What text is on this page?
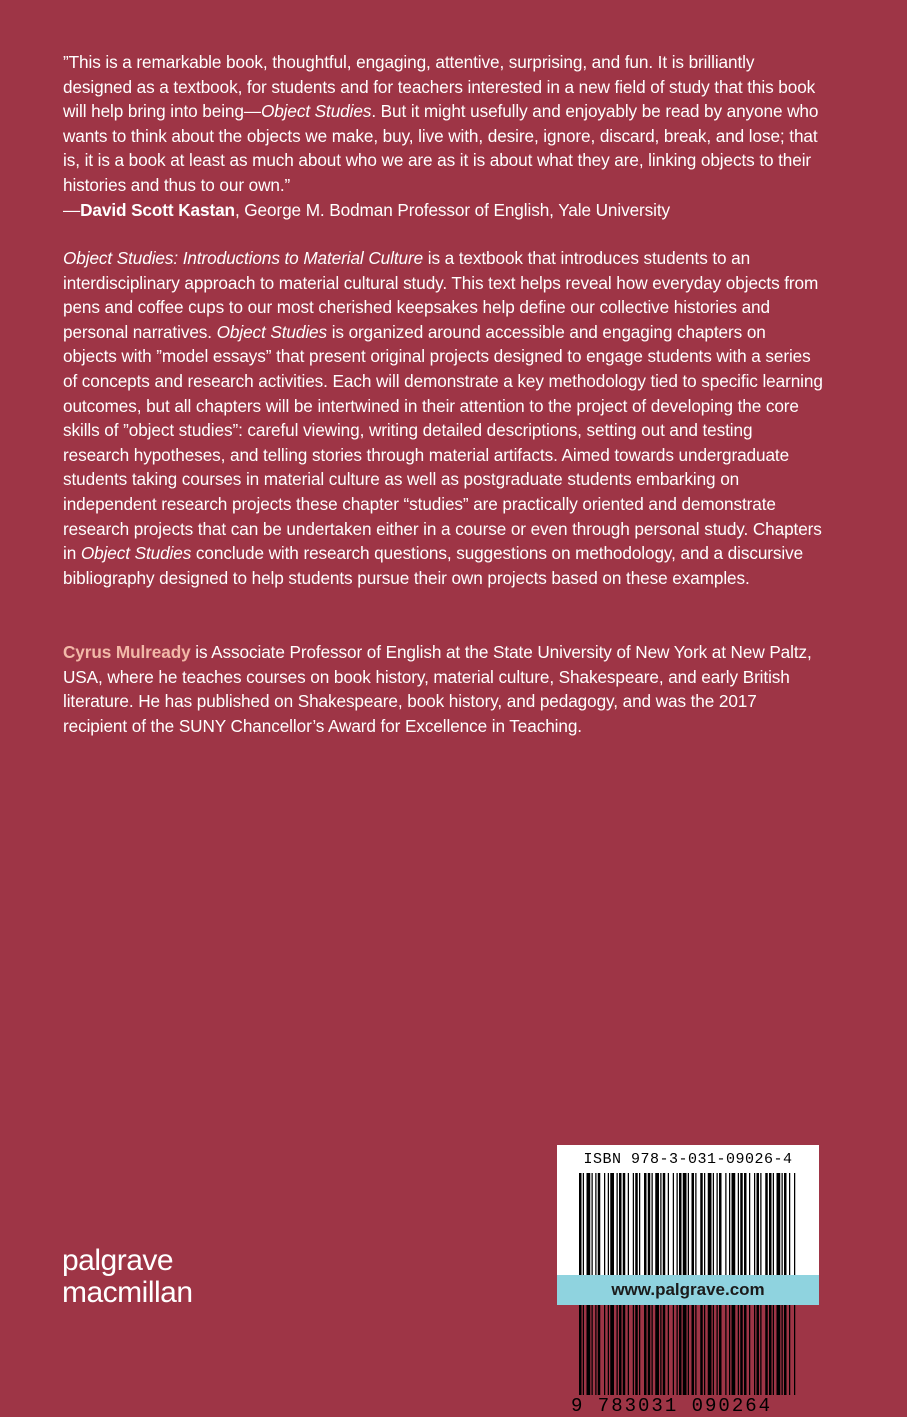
”This is a remarkable book, thoughtful, engaging, attentive, surprising, and fun. It is brilliantly designed as a textbook, for students and for teachers interested in a new field of study that this book will help bring into being—Object Studies. But it might usefully and enjoyably be read by anyone who wants to think about the objects we make, buy, live with, desire, ignore, discard, break, and lose; that is, it is a book at least as much about who we are as it is about what they are, linking objects to their histories and thus to our own.”

—David Scott Kastan, George M. Bodman Professor of English, Yale University

Object Studies: Introductions to Material Culture is a textbook that introduces students to an interdisciplinary approach to material cultural study. This text helps reveal how everyday objects from pens and coffee cups to our most cherished keepsakes help define our collective histories and personal narratives. Object Studies is organized around accessible and engaging chapters on objects with ”model essays” that present original projects designed to engage students with a series of concepts and research activities. Each will demonstrate a key methodology tied to specific learning outcomes, but all chapters will be intertwined in their attention to the project of developing the core skills of ”object studies”: careful viewing, writing detailed descriptions, setting out and testing research hypotheses, and telling stories through material artifacts. Aimed towards undergraduate students taking courses in material culture as well as postgraduate students embarking on independent research projects these chapter “studies” are practically oriented and demonstrate research projects that can be undertaken either in a course or even through personal study. Chapters in Object Studies conclude with research questions, suggestions on methodology, and a discursive bibliography designed to help students pursue their own projects based on these examples.

Cyrus Mulready is Associate Professor of English at the State University of New York at New Paltz, USA, where he teaches courses on book history, material culture, Shakespeare, and early British literature. He has published on Shakespeare, book history, and pedagogy, and was the 2017 recipient of the SUNY Chancellor’s Award for Excellence in Teaching.

palgrave
macmillan
ISBN 978-3-031-09026-4
9 783031 090264
www.palgrave.com
